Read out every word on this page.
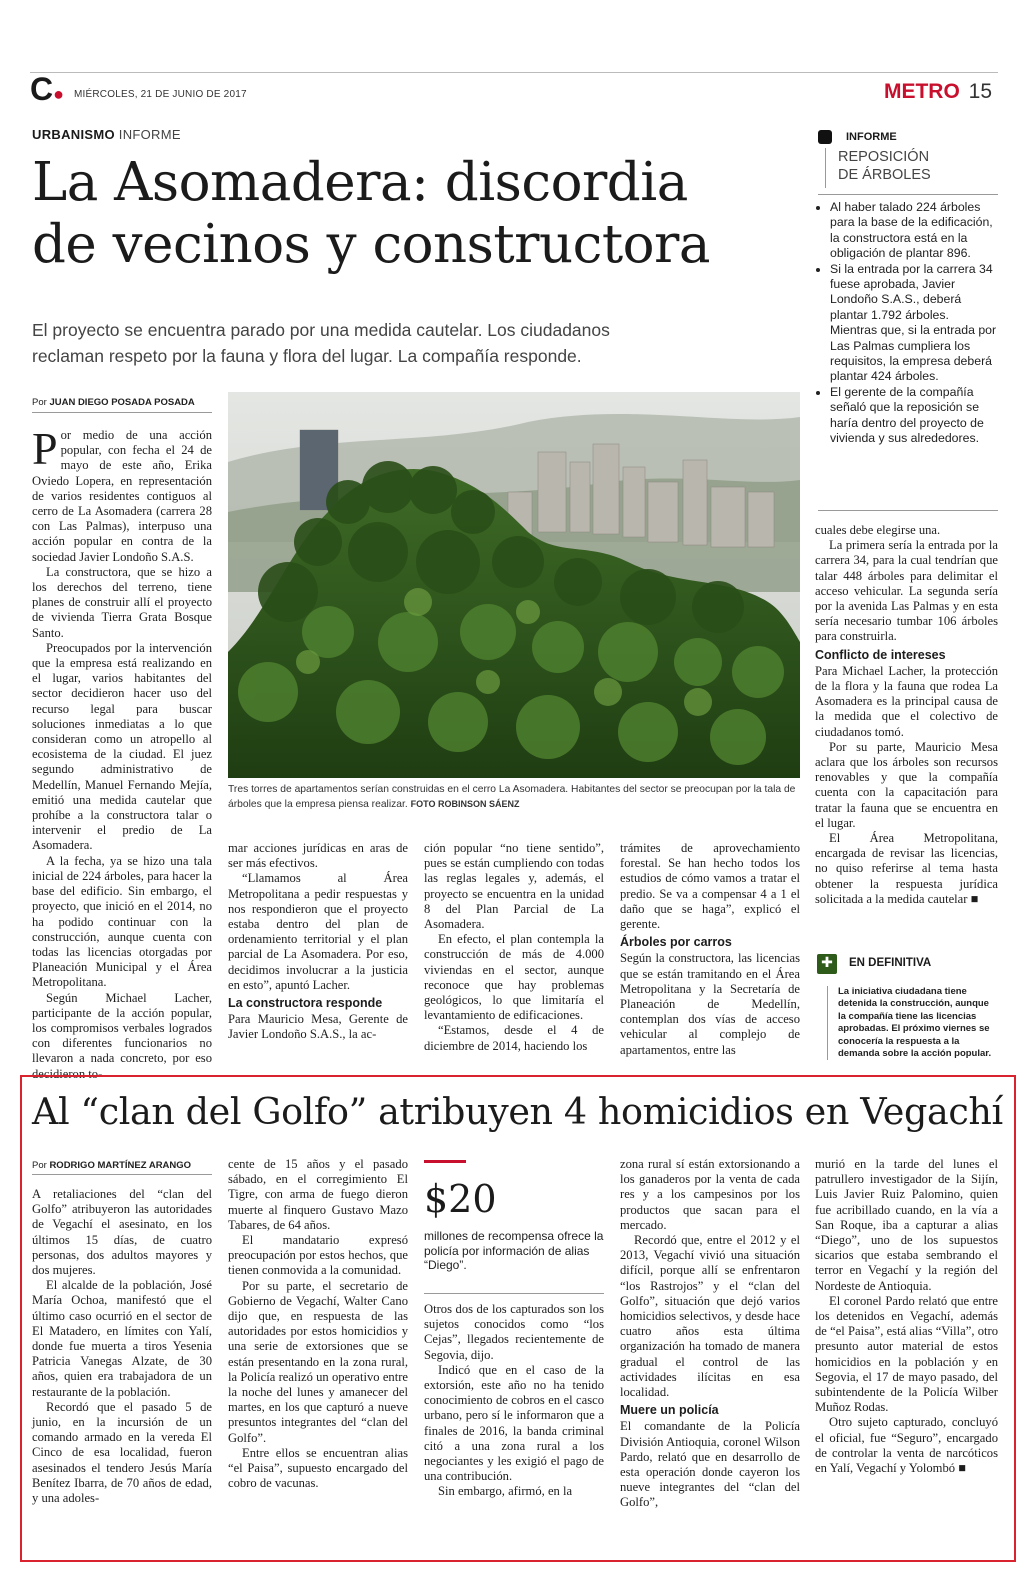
C● MIÉRCOLES, 21 DE JUNIO DE 2017	METRO 15
URBANISMO INFORME
La Asomadera: discordia
de vecinos y constructora
El proyecto se encuentra parado por una medida cautelar. Los ciudadanos
reclaman respeto por la fauna y flora del lugar. La compañía responde.
INFORME
REPOSICIÓN
DE ÁRBOLES
• Al haber talado 224 árboles para la base de la edificación, la constructora está en la obligación de plantar 896.
• Si la entrada por la carrera 34 fuese aprobada, Javier Londoño S.A.S., deberá plantar 1.792 árboles. Mientras que, si la entrada por Las Palmas cumpliera los requisitos, la empresa deberá plantar 424 árboles.
• El gerente de la compañía señaló que la reposición se haría dentro del proyecto de vivienda y sus alrededores.
Por JUAN DIEGO POSADA POSADA
Tres torres de apartamentos serían construidas en el cerro La Asomadera. Habitantes del sector se preocupan por la tala de árboles que la empresa piensa realizar. FOTO ROBINSON SÁENZ

Por medio de una acción popular, con fecha el 24 de mayo de este año, Erika Oviedo Lopera, en representación de varios residentes contiguos al cerro de La Asomadera (carrera 28 con Las Palmas), interpuso una acción popular en contra de la sociedad Javier Londoño S.A.S.

La constructora, que se hizo a los derechos del terreno, tiene planes de construir allí el proyecto de vivienda Tierra Grata Bosque Santo.

Preocupados por la intervención que la empresa está realizando en el lugar, varios habitantes del sector decidieron hacer uso del recurso legal para buscar soluciones inmediatas a lo que consideran como un atropello al ecosistema de la ciudad. El juez segundo administrativo de Medellín, Manuel Fernando Mejía, emitió una medida cautelar que prohíbe a la constructora talar o intervenir el predio de La Asomadera.

A la fecha, ya se hizo una tala inicial de 224 árboles, para hacer la base del edificio. Sin embargo, el proyecto, que inició en el 2014, no ha podido continuar con la construcción, aunque cuenta con todas las licencias otorgadas por Planeación Municipal y el Área Metropolitana.

Según Michael Lacher, participante de la acción popular, los compromisos verbales logrados con diferentes funcionarios no llevaron a nada concreto, por eso decidieron to-

mar acciones jurídicas en aras de ser más efectivos.

“Llamamos al Área Metropolitana a pedir respuestas y nos respondieron que el proyecto estaba dentro del plan de ordenamiento territorial y el plan parcial de La Asomadera. Por eso, decidimos involucrar a la justicia en esto”, apuntó Lacher.

La constructora responde

Para Mauricio Mesa, Gerente de Javier Londoño S.A.S., la ac-

ción popular “no tiene sentido”, pues se están cumpliendo con todas las reglas legales y, además, el proyecto se encuentra en la unidad 8 del Plan Parcial de La Asomadera.

En efecto, el plan contempla la construcción de más de 4.000 viviendas en el sector, aunque reconoce que hay problemas geológicos, lo que limitaría el levantamiento de edificaciones.

“Estamos, desde el 4 de diciembre de 2014, haciendo los

trámites de aprovechamiento forestal. Se han hecho todos los estudios de cómo vamos a tratar el predio. Se va a compensar 4 a 1 el daño que se haga”, explicó el gerente.

Árboles por carros

Según la constructora, las licencias que se están tramitando en el Área Metropolitana y la Secretaría de Planeación de Medellín, contemplan dos vías de acceso vehicular al complejo de apartamentos, entre las

cuales debe elegirse una.

La primera sería la entrada por la carrera 34, para la cual tendrían que talar 448 árboles para delimitar el acceso vehicular. La segunda sería por la avenida Las Palmas y en esta sería necesario tumbar 106 árboles para construirla.

Conflicto de intereses

Para Michael Lacher, la protección de la flora y la fauna que rodea La Asomadera es la principal causa de la medida que el colectivo de ciudadanos tomó.

Por su parte, Mauricio Mesa aclara que los árboles son recursos renovables y que la compañía cuenta con la capacitación para tratar la fauna que se encuentra en el lugar.

El Área Metropolitana, encargada de revisar las licencias, no quiso referirse al tema hasta obtener la respuesta jurídica solicitada a la medida cautelar ■

✚	EN DEFINITIVA
La iniciativa ciudadana tiene detenida la construcción, aunque la compañía tiene las licencias aprobadas. El próximo viernes se conocería la respuesta a la demanda sobre la acción popular.
Al “clan del Golfo” atribuyen 4 homicidios en Vegachí
Por RODRIGO MARTÍNEZ ARANGO

A retaliaciones del “clan del Golfo” atribuyeron las autoridades de Vegachí el asesinato, en los últimos 15 días, de cuatro personas, dos adultos mayores y dos mujeres.

El alcalde de la población, José María Ochoa, manifestó que el último caso ocurrió en el sector de El Matadero, en límites con Yalí, donde fue muerta a tiros Yesenia Patricia Vanegas Alzate, de 30 años, quien era trabajadora de un restaurante de la población.

Recordó que el pasado 5 de junio, en la incursión de un comando armado en la vereda El Cinco de esa localidad, fueron asesinados el tendero Jesús María Benítez Ibarra, de 70 años de edad, y una adoles-

cente de 15 años y el pasado sábado, en el corregimiento El Tigre, con arma de fuego dieron muerte al finquero Gustavo Mazo Tabares, de 64 años.

El mandatario expresó preocupación por estos hechos, que tienen conmovida a la comunidad.

Por su parte, el secretario de Gobierno de Vegachí, Walter Cano dijo que, en respuesta de las autoridades por estos homicidios y una serie de extorsiones que se están presentando en la zona rural, la Policía realizó un operativo entre la noche del lunes y amanecer del martes, en los que capturó a nueve presuntos integrantes del “clan del Golfo”.

Entre ellos se encuentran alias “el Paisa”, supuesto encargado del cobro de vacunas.

$20
millones de recompensa ofrece la policía por información de alias “Diego”.

Otros dos de los capturados son los sujetos conocidos como “los Cejas”, llegados recientemente de Segovia, dijo.

Indicó que en el caso de la extorsión, este año no ha tenido conocimiento de cobros en el casco urbano, pero sí le informaron que a finales de 2016, la banda criminal citó a una zona rural a los negociantes y les exigió el pago de una contribución.

Sin embargo, afirmó, en la

zona rural sí están extorsionando a los ganaderos por la venta de cada res y a los campesinos por los productos que sacan para el mercado.

Recordó que, entre el 2012 y el 2013, Vegachí vivió una situación difícil, porque allí se enfrentaron “los Rastrojos” y el “clan del Golfo”, situación que dejó varios homicidios selectivos, y desde hace cuatro años esta última organización ha tomado de manera gradual el control de las actividades ilícitas en esa localidad.

Muere un policía

El comandante de la Policía División Antioquia, coronel Wilson Pardo, relató que en desarrollo de esta operación donde cayeron los nueve integrantes del “clan del Golfo”,

murió en la tarde del lunes el patrullero investigador de la Sijín, Luis Javier Ruiz Palomino, quien fue acribillado cuando, en la vía a San Roque, iba a capturar a alias “Diego”, uno de los supuestos sicarios que estaba sembrando el terror en Vegachí y la región del Nordeste de Antioquia.

El coronel Pardo relató que entre los detenidos en Vegachí, además de “el Paisa”, está alias “Villa”, otro presunto autor material de estos homicidios en la población y en Segovia, el 17 de mayo pasado, del subintendente de la Policía Wilber Muñoz Rodas.

Otro sujeto capturado, concluyó el oficial, fue “Seguro”, encargado de controlar la venta de narcóticos en Yalí, Vegachí y Yolombó ■
